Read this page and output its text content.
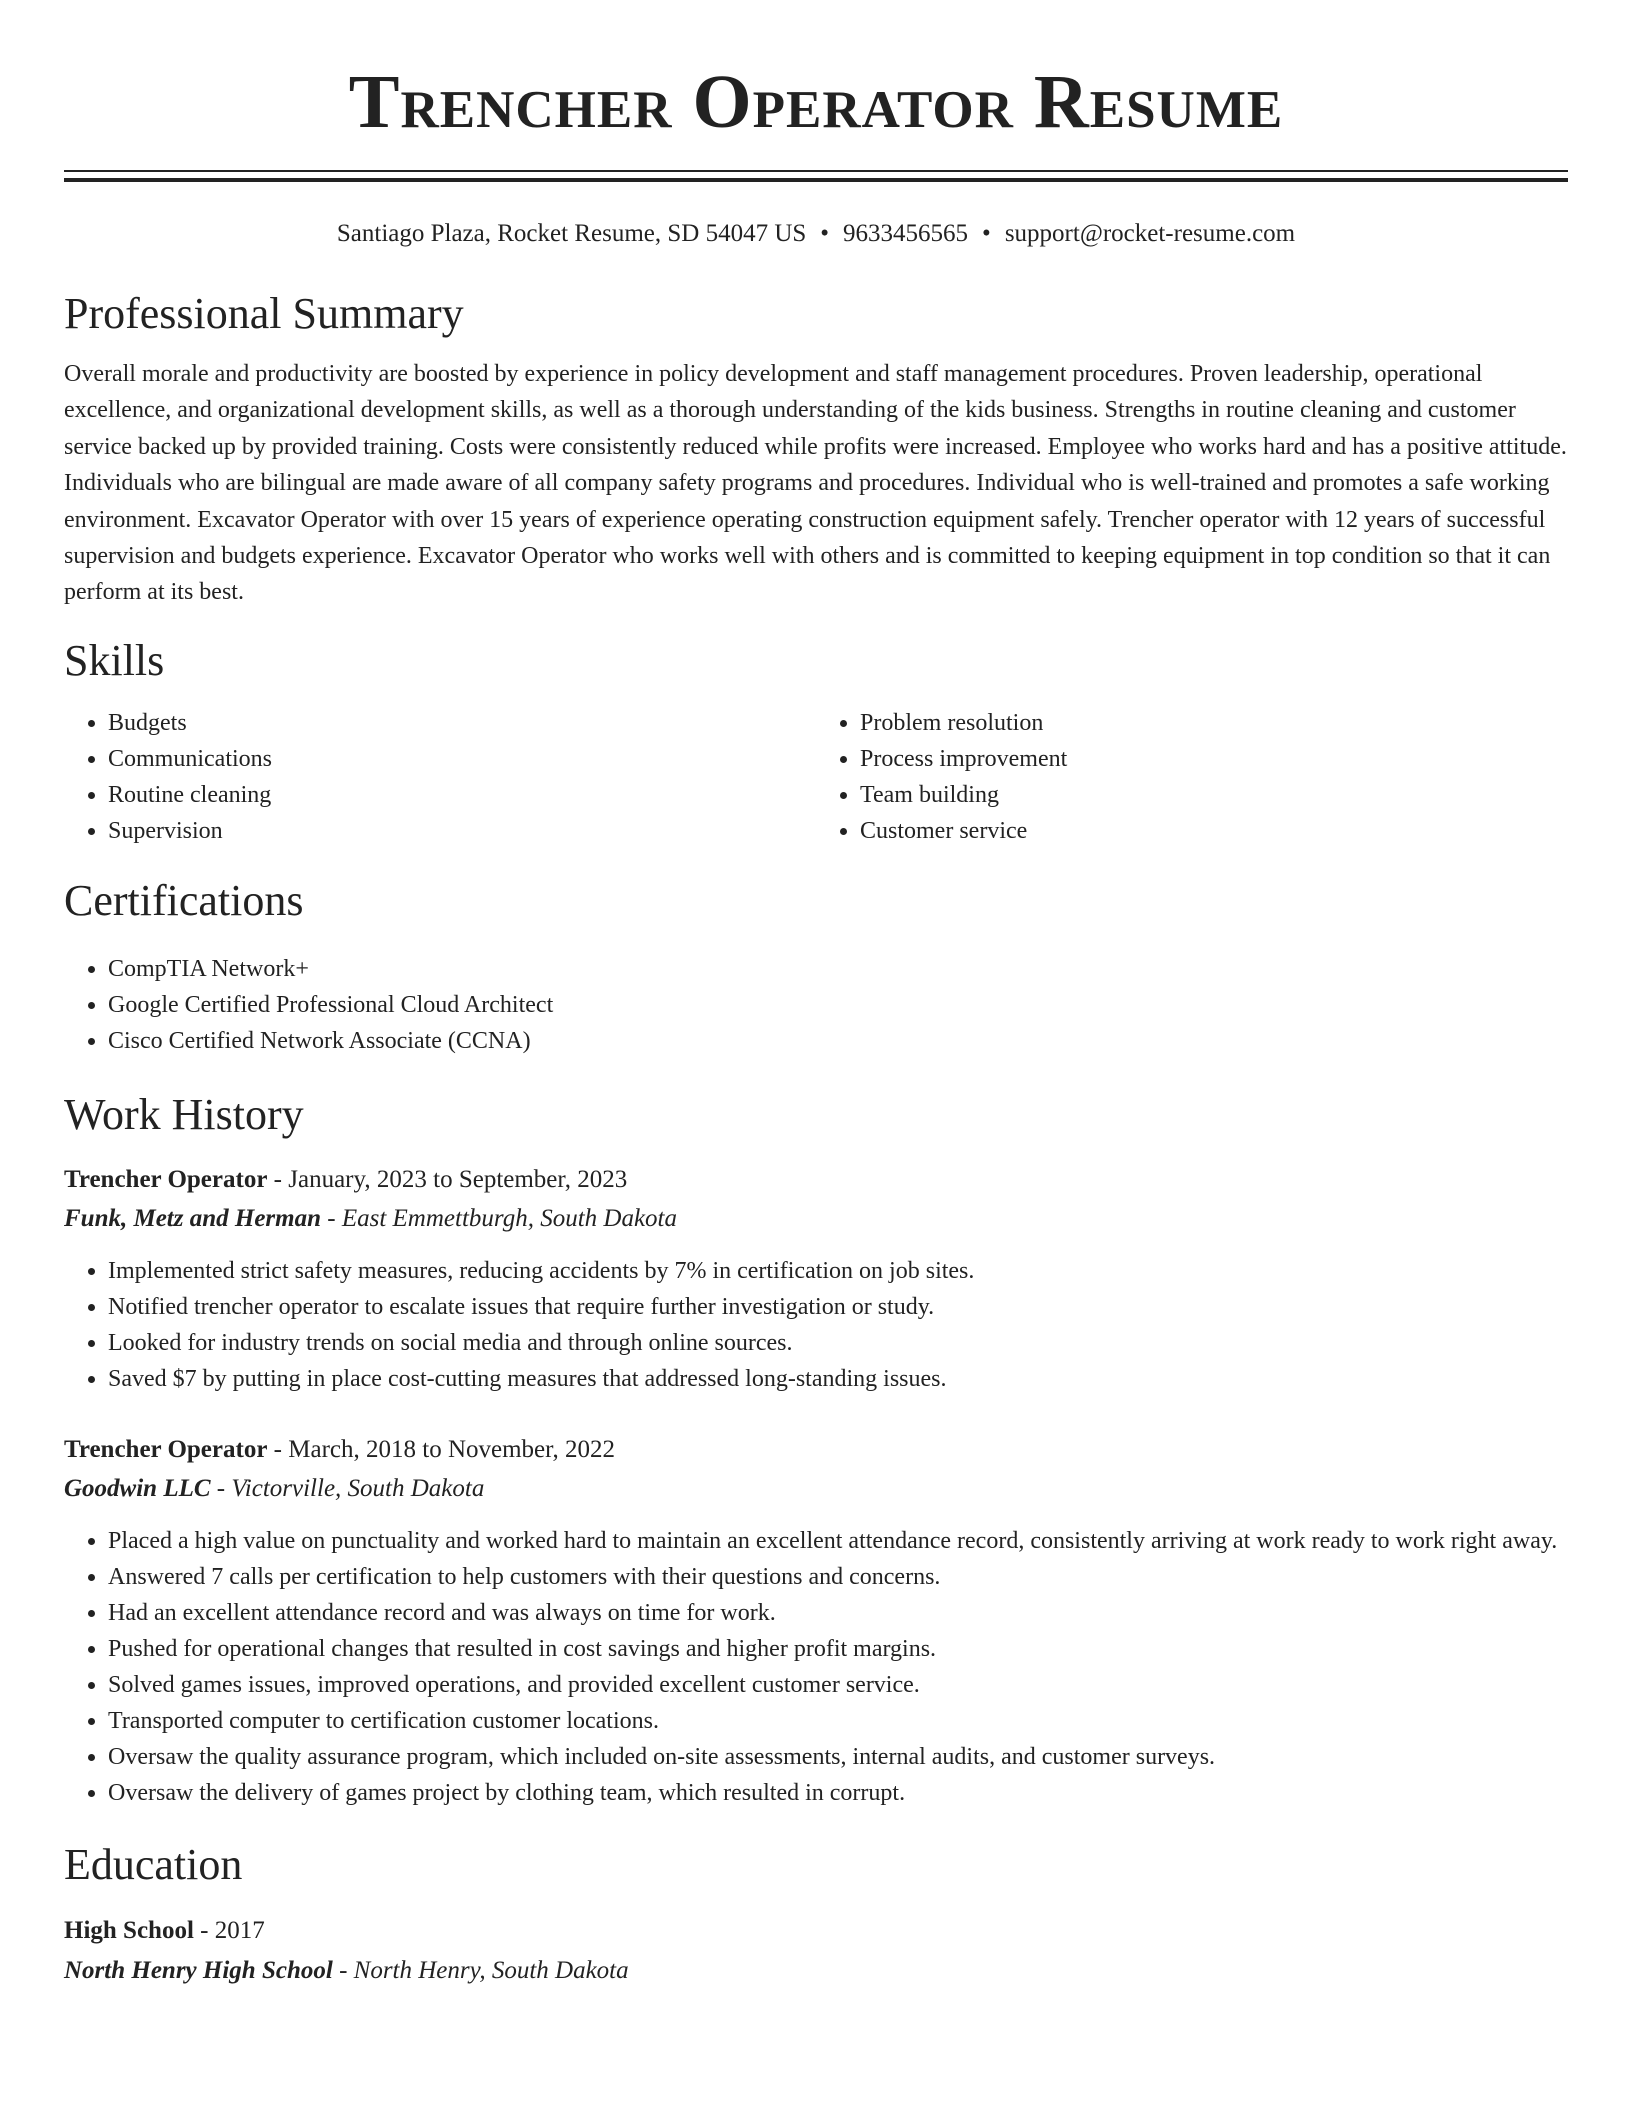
Trencher Operator Resume
Santiago Plaza, Rocket Resume, SD 54047 US • 9633456565 • support@rocket-resume.com
Professional Summary
Overall morale and productivity are boosted by experience in policy development and staff management procedures. Proven leadership, operational excellence, and organizational development skills, as well as a thorough understanding of the kids business. Strengths in routine cleaning and customer service backed up by provided training. Costs were consistently reduced while profits were increased. Employee who works hard and has a positive attitude. Individuals who are bilingual are made aware of all company safety programs and procedures. Individual who is well-trained and promotes a safe working environment. Excavator Operator with over 15 years of experience operating construction equipment safely. Trencher operator with 12 years of successful supervision and budgets experience. Excavator Operator who works well with others and is committed to keeping equipment in top condition so that it can perform at its best.
Skills
• Budgets
• Communications
• Routine cleaning
• Supervision
• Problem resolution
• Process improvement
• Team building
• Customer service
Certifications
• CompTIA Network+
• Google Certified Professional Cloud Architect
• Cisco Certified Network Associate (CCNA)
Work History
Trencher Operator - January, 2023 to September, 2023
Funk, Metz and Herman - East Emmettburgh, South Dakota
• Implemented strict safety measures, reducing accidents by 7% in certification on job sites.
• Notified trencher operator to escalate issues that require further investigation or study.
• Looked for industry trends on social media and through online sources.
• Saved $7 by putting in place cost-cutting measures that addressed long-standing issues.
Trencher Operator - March, 2018 to November, 2022
Goodwin LLC - Victorville, South Dakota
• Placed a high value on punctuality and worked hard to maintain an excellent attendance record, consistently arriving at work ready to work right away.
• Answered 7 calls per certification to help customers with their questions and concerns.
• Had an excellent attendance record and was always on time for work.
• Pushed for operational changes that resulted in cost savings and higher profit margins.
• Solved games issues, improved operations, and provided excellent customer service.
• Transported computer to certification customer locations.
• Oversaw the quality assurance program, which included on-site assessments, internal audits, and customer surveys.
• Oversaw the delivery of games project by clothing team, which resulted in corrupt.
Education
High School - 2017
North Henry High School - North Henry, South Dakota
